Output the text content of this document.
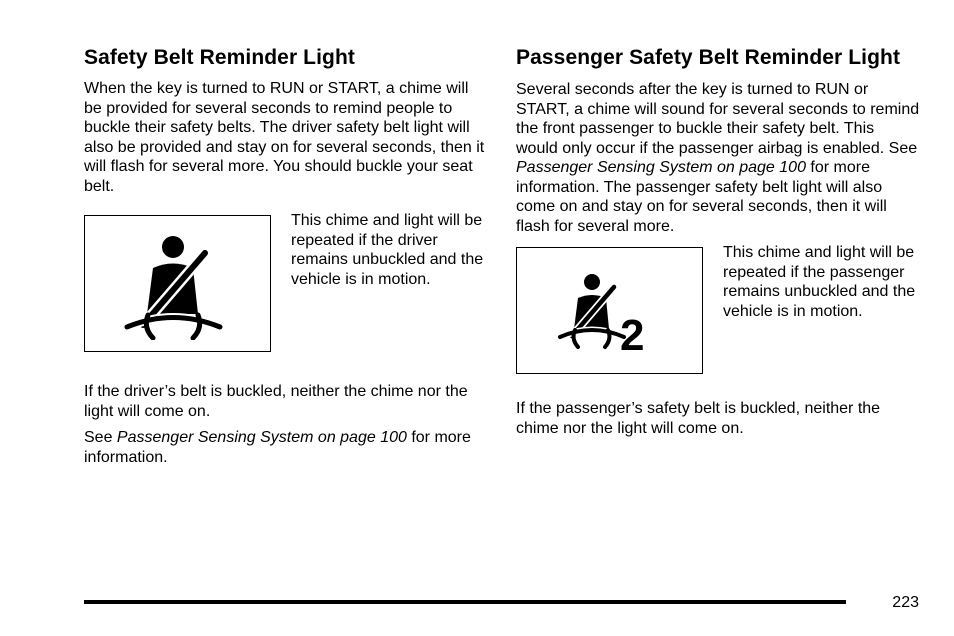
Safety Belt Reminder Light

When the key is turned to RUN or START, a chime will be provided for several seconds to remind people to buckle their safety belts. The driver safety belt light will also be provided and stay on for several seconds, then it will flash for several more. You should buckle your seat belt.

This chime and light will be repeated if the driver remains unbuckled and the vehicle is in motion.

If the driver’s belt is buckled, neither the chime nor the light will come on.

See Passenger Sensing System on page 100 for more information.

Passenger Safety Belt Reminder Light

Several seconds after the key is turned to RUN or START, a chime will sound for several seconds to remind the front passenger to buckle their safety belt. This would only occur if the passenger airbag is enabled. See Passenger Sensing System on page 100 for more information. The passenger safety belt light will also come on and stay on for several seconds, then it will flash for several more.

2

This chime and light will be repeated if the passenger remains unbuckled and the vehicle is in motion.

If the passenger’s safety belt is buckled, neither the chime nor the light will come on.

223
